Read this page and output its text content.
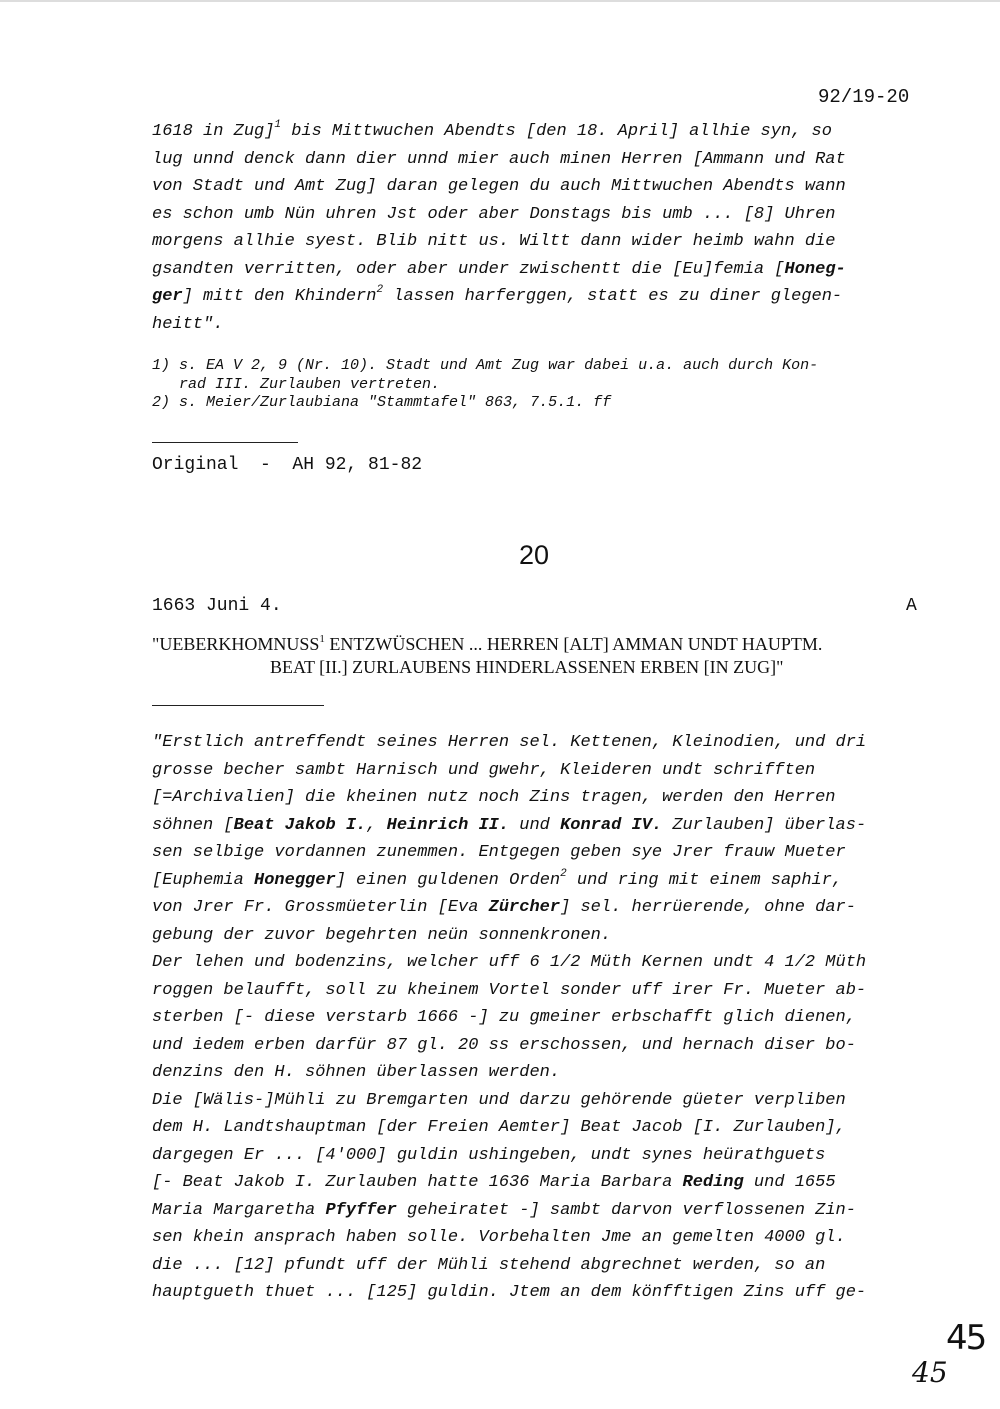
92/19-20
1618 in Zug]$^1$ bis Mittwuchen Abendts [den 18. April] allhie syn, so
lug unnd denck dann dier unnd mier auch minen Herren [Ammann und Rat
von Stadt und Amt Zug] daran gelegen du auch Mittwuchen Abendts wann
es schon umb Nün uhren Jst oder aber Donstags bis umb ... [8] Uhren
morgens allhie syest. Blib nitt us. Wiltt dann wider heimb wahn die
gsandten verritten, oder aber under zwischentt die [Eu]femia [Honeg-
ger] mitt den Khindern$^2$ lassen harferggen, statt es zu diner glegen-
heitt".
1) s. EA V 2, 9 (Nr. 10). Stadt und Amt Zug war dabei u.a. auch durch Kon-
rad III. Zurlauben vertreten.
2) s. Meier/Zurlaubiana "Stammtafel" 863, 7.5.1. ff
Original  -  AH 92, 81-82
20
1663 Juni 4.	A
"UEBERKHOMNUSS$^1$ ENTZWÜSCHEN ... HERREN [ALT] AMMAN UNDT HAUPTM.
BEAT [II.] ZURLAUBENS HINDERLASSENEN ERBEN [IN ZUG]"
"Erstlich antreffendt seines Herren sel. Kettenen, Kleinodien, und dri
grosse becher sambt Harnisch und gwehr, Kleideren undt schrifften
[=Archivalien] die kheinen nutz noch Zins tragen, werden den Herren
söhnen [Beat Jakob I., Heinrich II. und Konrad IV. Zurlauben] überlas-
sen selbige vordannen zunemmen. Entgegen geben sye Jrer frauw Mueter
[Euphemia Honegger] einen guldenen Orden$^2$ und ring mit einem saphir,
von Jrer Fr. Grossmüeterlin [Eva Zürcher] sel. herrüerende, ohne dar-
gebung der zuvor begehrten neün sonnenkronen.
Der lehen und bodenzins, welcher uff 6 1/2 Müth Kernen undt 4 1/2 Müth
roggen belaufft, soll zu kheinem Vortel sonder uff irer Fr. Mueter ab-
sterben [- diese verstarb 1666 -] zu gmeiner erbschafft glich dienen,
und iedem erben darfür 87 gl. 20 ss erschossen, und hernach diser bo-
denzins den H. söhnen überlassen werden.
Die [Wälis-]Mühli zu Bremgarten und darzu gehörende güeter verpliben
dem H. Landtshauptman [der Freien Aemter] Beat Jacob [I. Zurlauben],
dargegen Er ... [4'000] guldin ushingeben, undt synes heürathguets
[- Beat Jakob I. Zurlauben hatte 1636 Maria Barbara Reding und 1655
Maria Margaretha Pfyffer geheiratet -] sambt darvon verflossenen Zin-
sen khein ansprach haben solle. Vorbehalten Jme an gemelten 4000 gl.
die ... [12] pfundt uff der Mühli stehend abgrechnet werden, so an
hauptgueth thuet ... [125] guldin. Jtem an dem könfftigen Zins uff ge-
45
45
